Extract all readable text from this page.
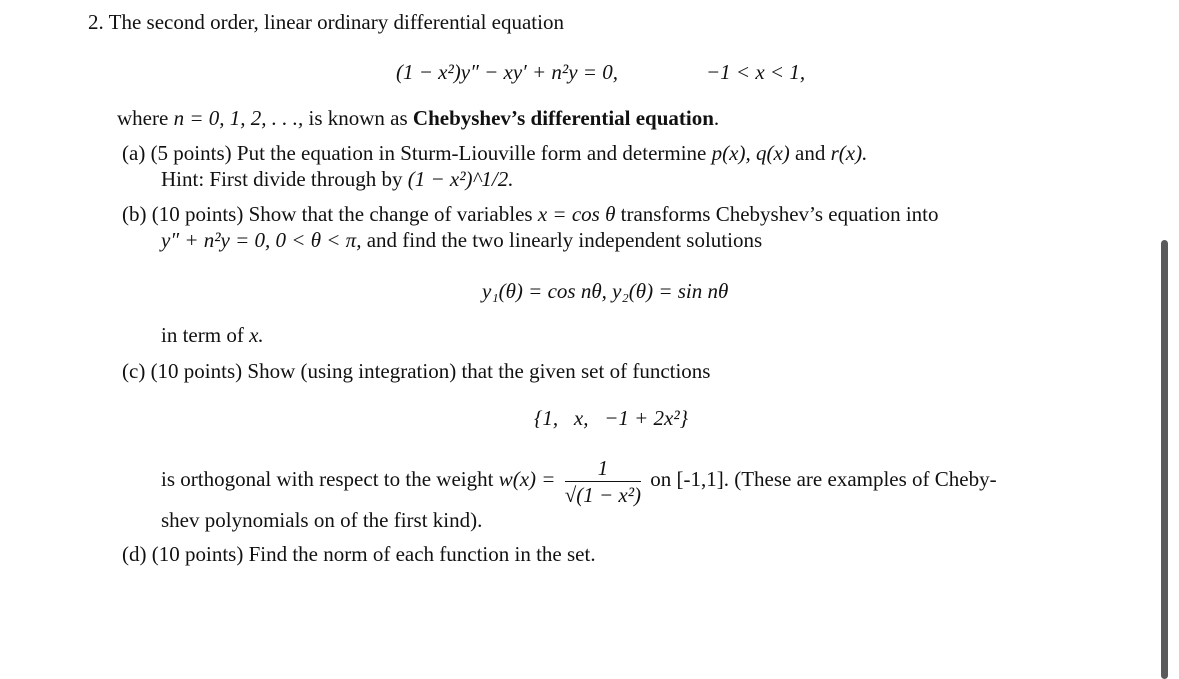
2. The second order, linear ordinary differential equation
(1 − x²)y″ − xy′ + n²y = 0,	−1 < x < 1,
where n = 0, 1, 2, . . ., is known as Chebyshev’s differential equation.
(a) (5 points) Put the equation in Sturm-Liouville form and determine p(x), q(x) and r(x).
Hint: First divide through by (1 − x²)^1/2.
(b) (10 points) Show that the change of variables x = cos θ transforms Chebyshev’s equation into
y″ + n²y = 0, 0 < θ < π, and find the two linearly independent solutions
y₁(θ) = cos nθ, y₂(θ) = sin nθ
in term of x.
(c) (10 points) Show (using integration) that the given set of functions
{1,   x,   −1 + 2x²}
is orthogonal with respect to the weight $w(x) = \frac{1}{\text{√(1 − x²)}}$ on [-1,1]. (These are examples of Cheby-
shev polynomials on of the first kind).
(d) (10 points) Find the norm of each function in the set.
